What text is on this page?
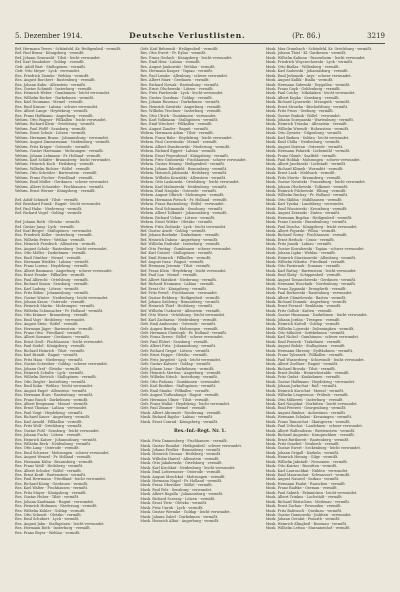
5. Dezember 1914.	Deutsche Verlustlisten.	(Pr. 86.)	3219
Ref. Hermann Tewes - Schönfeld, Kr. Heiligenbeil - vermißt.
Ref. Paul Bruns - Königsberg - vermißt.
Ref. Johann Grunwald - Tilsit - leicht verwundet.
Ref. Karl Sinnhuber - Goldap - vermißt.
Gefr. Adolf Bart - Stallupönen - vermißt.
Gefr. Otto Meyer - Lyck - verwundet.
Res. Friedrich Ziemke - Wehlau - vermißt.
Res. August Borchert - Rastenburg - vermißt.
Res. Johann Kuhn - Allenstein - vermißt.
Res. Gustav Schmidt - Insterburg - vermißt.
Res. Heinrich Weber - Gumbinnen - leicht verwundet.
Res. Wilhelm Becker - Darkehmen - vermißt.
Res. Karl Neumann - Memel - vermißt.
Res. Emil Krause - Labiau - schwer verwundet.
Res. Albert Lange - Heydekrug - vermißt.
Res. Franz Hoffmann - Angerburg - vermißt.
Wehrm. Otto Wagner - Pillkallen - leicht verwundet.
Wehrm. Richard Klein - Ortelsburg - vermißt.
Wehrm. Paul Wolff - Sensburg - vermißt.
Wehrm. Ernst Schulz - Lötzen - vermißt.
Wehrm. Hermann Braun - Johannisburg - verwundet.
Wehrm. August Zimmermann - Neidenburg - vermißt.
Wehrm. Fritz Krüger - Osterode - vermißt.
Wehrm. Gustav Hartmann - Mohrungen - vermißt.
Wehrm. Johann Lehmann - Pr. Holland - vermißt.
Wehrm. Karl Schäfer - Braunsberg - leicht verwundet.
Wehrm. Heinrich Koch - Heilsberg - vermißt.
Wehrm. Wilhelm Richter - Rößel - vermißt.
Wehrm. Otto Schröder - Bartenstein - vermißt.
Wehrm. Franz Fischer - Friedland - vermißt.
Wehrm. Emil Müller - Gerdauen - schwer verwundet.
Wehrm. Albert Schneider - Fischhausen - vermißt.
Wehrm. Ernst Werner - Königsberg - vermißt.
Ref. Adolf Schmidt - Tilsit - vermißt.
Ref. Bernhard Frank - Ragnit - leicht verwundet.
Ref. Paul Hahn - Niederung - vermißt.
Ref. Richard Vogel - Goldap - vermißt.
Ref. Johann Roth - Oletzko - vermißt.
Ref. Gustav Jung - Lyck - vermißt.
Ref. Karl Berger - Stallupönen - verwundet.
Res. Friedrich Keller - Insterburg - vermißt.
Res. Wilhelm Peters - Wehlau - vermißt.
Res. Heinrich Friedrich - Allenstein - vermißt.
Res. August Scholz - Rastenburg - leicht verwundet.
Res. Otto Möller - Darkehmen - vermißt.
Res. Emil Günther - Memel - vermißt.
Res. Hermann Winkler - Labiau - vermißt.
Res. Franz Lorenz - Heydekrug - vermißt.
Res. Albert Baumann - Angerburg - schwer verwundet.
Res. Ernst Franke - Pillkallen - vermißt.
Res. Paul Albrecht - Ortelsburg - vermißt.
Res. Richard Simon - Sensburg - vermißt.
Res. Karl Ludwig - Lötzen - vermißt.
Res. Fritz Böhm - Johannisburg - vermißt.
Res. Gustav Winter - Neidenburg - leicht verwundet.
Res. Johann Kraus - Osterode - vermißt.
Res. Heinrich Martin - Mohrungen - vermißt.
Res. Wilhelm Schumacher - Pr. Holland - vermißt.
Res. Otto Krämer - Braunsberg - vermißt.
Res. Emil Vogt - Heilsberg - verwundet.
Res. August Stein - Rößel - vermißt.
Res. Hermann Jäger - Bartenstein - vermißt.
Res. Franz Otto - Friedland - vermißt.
Res. Albert Sommer - Gerdauen - vermißt.
Res. Ernst Groß - Fischhausen - leicht verwundet.
Res. Paul Seidel - Königsberg - vermißt.
Res. Richard Heinrich - Tilsit - vermißt.
Res. Karl Brandt - Ragnit - vermißt.
Res. Fritz Haas - Niederung - vermißt.
Res. Gustav Schreiber - Goldap - schwer verwundet.
Res. Johann Graf - Oletzko - vermißt.
Res. Heinrich Schulte - Lyck - vermißt.
Res. Wilhelm Dietrich - Stallupönen - vermißt.
Res. Otto Ziegler - Insterburg - vermißt.
Res. Emil Kuhn - Wehlau - leicht verwundet.
Res. August Engel - Allenstein - vermißt.
Res. Hermann Horn - Rastenburg - vermißt.
Res. Franz Busch - Darkehmen - vermißt.
Res. Albert Bergmann - Memel - vermißt.
Res. Ernst Thomas - Labiau - verwundet.
Res. Paul Voigt - Heydekrug - vermißt.
Res. Richard Sauer - Angerburg - vermißt.
Res. Karl Arnold - Pillkallen - vermißt.
Res. Fritz Wolf - Ortelsburg - vermißt.
Res. Gustav Pohl - Sensburg - leicht verwundet.
Res. Johann Fuchs - Lötzen - vermißt.
Res. Heinrich Kaiser - Johannisburg - vermißt.
Res. Wilhelm Beck - Neidenburg - vermißt.
Res. Otto Lang - Osterode - vermißt.
Res. Emil Schwarz - Mohrungen - schwer verwundet.
Res. August Wenzel - Pr. Holland - vermißt.
Res. Hermann Kühn - Braunsberg - vermißt.
Res. Franz Weiß - Heilsberg - vermißt.
Res. Albert Schulze - Rößel - vermißt.
Res. Ernst Kraft - Bartenstein - vermißt.
Res. Paul Herrmann - Friedland - leicht verwundet.
Res. Richard König - Gerdauen - vermißt.
Res. Karl Walter - Fischhausen - vermißt.
Res. Fritz Mayer - Königsberg - vermißt.
Res. Gustav Huber - Tilsit - vermißt.
Res. Johann Kaufmann - Ragnit - verwundet.
Res. Heinrich Hofmann - Niederung - vermißt.
Res. Wilhelm Köhler - Goldap - vermißt.
Res. Otto Schmitt - Oletzko - vermißt.
Res. Emil Schubert - Lyck - vermißt.
Res. August Jahn - Stallupönen - leicht verwundet.
Res. Hermann Roth - Insterburg - vermißt.
Res. Franz Beyer - Wehlau - vermißt.
Gefr. Karl Behrendt - Heiligenbeil - vermißt.
Res. Otto Ewert - Pr. Eylau - vermißt.
Res. Franz Gerlach - Königsberg - leicht verwundet.
Res. Emil Hinz - Labiau - vermißt.
Res. August Jankowski - Wehlau - vermißt.
Res. Hermann Kasper - Tapiau - vermißt.
Res. Paul Lemke - Allenburg - schwer verwundet.
Res. Albert Marx - Gerdauen - vermißt.
Res. Richard Nowak - Rastenburg - vermißt.
Res. Ernst Olschewski - Lötzen - vermißt.
Res. Fritz Pawlowski - Lyck - leicht verwundet.
Res. Gustav Quednau - Goldap - vermißt.
Res. Johann Rosenau - Darkehmen - vermißt.
Res. Heinrich Sawitzki - Angerburg - vermißt.
Res. Wilhelm Teschner - Insterburg - vermißt.
Res. Otto Ulrich - Gumbinnen - verwundet.
Res. Karl Volkmann - Stallupönen - vermißt.
Res. Emil Wiechert - Pillkallen - vermißt.
Res. August Zander - Ragnit - vermißt.
Wehrm. Hermann Adam - Tilsit - vermißt.
Wehrm. Franz Bahr - Heydekrug - leicht verwundet.
Wehrm. Paul Czerwinski - Memel - vermißt.
Wehrm. Albert Dombrowski - Niederung - vermißt.
Wehrm. Richard Eggert - Labiau - vermißt.
Wehrm. Ernst Feyerabend - Königsberg - vermißt.
Wehrm. Fritz Grabowski - Fischhausen - schwer verwundet.
Wehrm. Gustav Hennig - Heiligenbeil - vermißt.
Wehrm. Johann Ihlenfeld - Braunsberg - vermißt.
Wehrm. Heinrich Jablonski - Heilsberg - vermißt.
Wehrm. Wilhelm Kowalski - Allenstein - vermißt.
Wehrm. Otto Laskowski - Ortelsburg - leicht verwundet.
Wehrm. Karl Malinowski - Neidenburg - vermißt.
Wehrm. Emil Naujoks - Osterode - vermißt.
Wehrm. August Olbrich - Mohrungen - vermißt.
Wehrm. Hermann Pietsch - Pr. Holland - vermißt.
Wehrm. Franz Rautenberg - Rößel - verwundet.
Wehrm. Paul Schimanski - Sensburg - vermißt.
Wehrm. Albert Tolkmitt - Johannisburg - vermißt.
Wehrm. Richard Urban - Lötzen - vermißt.
Wehrm. Ernst Wittke - Oletzko - vermißt.
Wehrm. Fritz Zielinski - Lyck - leicht verwundet.
Ref. Gustav Arndt - Goldap - vermißt.
Ref. Johann Boehnke - Darkehmen - vermißt.
Ref. Heinrich Dahms - Angerburg - vermißt.
Ref. Wilhelm Endrulat - Insterburg - vermißt.
Ref. Otto Freitag - Gumbinnen - schwer verwundet.
Ref. Karl Gutzeit - Stallupönen - vermißt.
Ref. Emil Heinrich - Pillkallen - vermißt.
Ref. August Iwan - Ragnit - vermißt.
Ref. Hermann Jeromin - Tilsit - vermißt.
Ref. Franz Klein - Heydekrug - leicht verwundet.
Ref. Paul Lux - Memel - vermißt.
Ref. Albert Matzkeit - Niederung - vermißt.
Ref. Richard Neumann - Labiau - vermißt.
Ref. Ernst Ott - Königsberg - vermißt.
Ref. Fritz Preuß - Fischhausen - verwundet.
Ref. Gustav Rehberg - Heiligenbeil - vermißt.
Ref. Johann Sablotny - Braunsberg - vermißt.
Ref. Heinrich Thiel - Heilsberg - vermißt.
Ref. Wilhelm Uszkoreit - Allenstein - vermißt.
Ref. Otto Wiese - Ortelsburg - leicht verwundet.
Ref. Karl Zacharias - Neidenburg - vermißt.
Gefr. Emil Ambrosius - Osterode - vermißt.
Gefr. August Bendig - Mohrungen - vermißt.
Gefr. Hermann Christoph - Pr. Holland - vermißt.
Gefr. Franz Drews - Rößel - schwer verwundet.
Gefr. Paul Ehlert - Sensburg - vermißt.
Gefr. Albert Fritz - Johannisburg - vermißt.
Gefr. Richard Grigat - Lötzen - vermißt.
Gefr. Ernst Hoppe - Oletzko - vermißt.
Gefr. Fritz Jurgeleit - Lyck - leicht verwundet.
Gefr. Gustav Kalweit - Goldap - vermißt.
Gefr. Johann Lenz - Darkehmen - vermißt.
Gefr. Heinrich Mertins - Angerburg - vermißt.
Gefr. Wilhelm Nitsch - Insterburg - vermißt.
Gefr. Otto Podszus - Gumbinnen - verwundet.
Gefr. Karl Ruddies - Stallupönen - vermißt.
Gefr. Emil Stanko - Pillkallen - vermißt.
Gefr. August Todtenhaupt - Ragnit - vermißt.
Gefr. Hermann Ulmer - Tilsit - vermißt.
Gefr. Franz Wallat - Heydekrug - leicht verwundet.
Gefr. Paul Zimmer - Memel - vermißt.
Musk. Albert Abromeit - Niederung - vermißt.
Musk. Richard Bajohr - Labiau - vermißt.
Musk. Ernst Conrad - Königsberg - vermißt.
Res.-Inf.-Regt. Nr. 1.
Musk. Fritz Dannenberg - Fischhausen - vermißt.
Musk. Gustav Ennulat - Heiligenbeil - schwer verwundet.
Musk. Johann Fiedler - Braunsberg - vermißt.
Musk. Heinrich Gronau - Heilsberg - vermißt.
Musk. Wilhelm Hantel - Allenstein - vermißt.
Musk. Otto Jakubowski - Ortelsburg - vermißt.
Musk. Karl Kischkat - Neidenburg - leicht verwundet.
Musk. Emil Lottermoser - Osterode - vermißt.
Musk. August Meschkat - Mohrungen - vermißt.
Musk. Hermann Nagel - Pr. Holland - vermißt.
Musk. Franz Oberüber - Rößel - vermißt.
Musk. Paul Pelz - Sensburg - verwundet.
Musk. Albert Rogalla - Johannisburg - vermißt.
Musk. Richard Sczesny - Lötzen - vermißt.
Musk. Ernst Tietz - Oletzko - vermißt.
Musk. Fritz Unruh - Lyck - vermißt.
Musk. Gustav Wermke - Goldap - leicht verwundet.
Musk. Johann Zabel - Darkehmen - vermißt.
Musk. Heinrich Albat - Angerburg - vermißt.
Musk. Max Grumbach - Schönfeld, Kr. Ortelsburg - vermißt.
Musk. Johann Thiel - Kl. Gardienen - vermißt.
Musk. Wilhelm Kalinna - Passenheim - leicht verwundet.
Musk. Friedrich Woyczechowski - Lyck - vermißt.
Musk. Otto Biallas - Willenberg - vermißt.
Musk. Karl Sadowski - Johannisburg - vermißt.
Musk. Emil Jedamzik - Arys - schwer verwundet.
Musk. August Kullik - Bialla - vermißt.
Musk. Hermann Salewski - Drygallen - vermißt.
Musk. Franz Gayk - Gehlenburg - vermißt.
Musk. Paul Czichy - Nikolaiken - leicht verwundet.
Musk. Albert Kopka - Sensburg - vermißt.
Musk. Richard Lyssewski - Mensguth - vermißt.
Musk. Ernst Mrowka - Bischofsburg - vermißt.
Musk. Fritz Pruss - Seeburg - vermißt.
Musk. Gustav Rudnik - Rößel - verwundet.
Musk. Johann Sczepanski - Wartenburg - vermißt.
Musk. Heinrich Trzaska - Allenstein - vermißt.
Musk. Wilhelm Wnendt - Hohenstein - vermißt.
Musk. Otto Zywietz - Gilgenburg - vermißt.
Musk. Karl Badura - Soldau - leicht verwundet.
Musk. Emil Chilla - Neidenburg - vermißt.
Musk. August Dzieran - Osterode - vermißt.
Musk. Hermann Falarzik - Liebemühl - vermißt.
Musk. Franz Glomb - Saalfeld - vermißt.
Musk. Paul Holdak - Mohrungen - schwer verwundet.
Musk. Albert Jaschinski - Liebstadt - vermißt.
Musk. Richard Klimek - Wormditt - vermißt.
Musk. Ernst Lask - Mehlsack - vermißt.
Musk. Fritz Moritz - Braunsberg - vermißt.
Musk. Gustav Nowitzki - Frauenburg - leicht verwundet.
Musk. Johann Olschewski - Tolkemit - vermißt.
Musk. Heinrich Pilchowski - Elbing - vermißt.
Musk. Wilhelm Ruchay - Pr. Holland - vermißt.
Musk. Otto Skibba - Mühlhausen - vermißt.
Musk. Karl Tyszka - Landsberg - verwundet.
Musk. Emil Wisniewski - Kreuzburg - vermißt.
Musk. August Zeranski - Zinten - vermißt.
Musk. Hermann Bogdan - Heiligenbeil - vermißt.
Musk. Franz Cziesla - Brandenburg - vermißt.
Musk. Paul Duscha - Königsberg - leicht verwundet.
Musk. Albert Figurski - Pillau - vermißt.
Musk. Richard Gorny - Fischhausen - vermißt.
Musk. Ernst Herholz - Cranz - vermißt.
Musk. Fritz Janzik - Labiau - vermißt.
Musk. Gustav Kowalewski - Tapiau - schwer verwundet.
Musk. Johann Lipka - Wehlau - vermißt.
Musk. Heinrich Marzinowski - Allenburg - vermißt.
Musk. Wilhelm Nikutta - Friedland - vermißt.
Musk. Otto Pasternak - Domnau - vermißt.
Musk. Karl Rattay - Bartenstein - leicht verwundet.
Musk. Emil Slaby - Schippenbeil - vermißt.
Musk. August Tomaschewski - Gerdauen - vermißt.
Musk. Hermann Woschnik - Nordenburg - vermißt.
Musk. Franz Zyganski - Drengfurth - vermißt.
Musk. Paul Borkowski - Rastenburg - verwundet.
Musk. Albert Chmielewski - Barten - vermißt.
Musk. Richard Domnik - Angerburg - vermißt.
Musk. Ernst Frenzel - Benkheim - vermißt.
Musk. Fritz Gollub - Kutten - vermißt.
Musk. Gustav Hinzmann - Darkehmen - leicht verwundet.
Musk. Johann Jordan - Trempen - vermißt.
Musk. Heinrich Kattoll - Goldap - vermißt.
Musk. Wilhelm Lojewski - Dubeningken - vermißt.
Musk. Otto Mikoleit - Szittkehmen - vermißt.
Musk. Karl Nickel - Gumbinnen - schwer verwundet.
Musk. Emil Pentzek - Trakehnen - vermißt.
Musk. August Rohde - Stallupönen - vermißt.
Musk. Hermann Sbresny - Eydtkuhnen - vermißt.
Musk. Franz Tybussek - Pillkallen - vermißt.
Musk. Paul Wasserberg - Schirwindt - leicht verwundet.
Musk. Albert Zoellner - Ragnit - vermißt.
Musk. Richard Brosda - Tilsit - vermißt.
Musk. Ernst Dudda - Heinrichswalde - vermißt.
Musk. Fritz Gudat - Kaukehmen - vermißt.
Musk. Gustav Hoffmann - Heydekrug - verwundet.
Musk. Johann Jurkschat - Ruß - vermißt.
Musk. Heinrich Kurschat - Memel - vermißt.
Musk. Wilhelm Lengwenus - Prökuls - vermißt.
Musk. Otto Milkereit - Insterburg - vermißt.
Musk. Karl Naujokat - Norkitten - leicht verwundet.
Musk. Emil Petereit - Georgenburg - vermißt.
Musk. August Rimkus - Aulowönen - vermißt.
Musk. Hermann Schukat - Kreuzingen - vermißt.
Musk. Franz Tamoschat - Skaisgirren - vermißt.
Musk. Paul Urbschat - Lasdehnen - schwer verwundet.
Musk. Albert Wallendszus - Breitenstein - vermißt.
Musk. Richard Augustin - Kraupischken - vermißt.
Musk. Ernst Buttkereit - Rautenberg - vermißt.
Musk. Fritz Dzaebel - Neukirch - vermißt.
Musk. Gustav Ewert - Seckenburg - leicht verwundet.
Musk. Johann Grigull - Karkeln - vermißt.
Musk. Heinrich Hennig - Gilge - vermißt.
Musk. Wilhelm Jakstadt - Nemonien - vermißt.
Musk. Otto Kairies - Rossitten - vermißt.
Musk. Karl Lauruschkat - Nidden - verwundet.
Musk. Emil Mauruschat - Schwarzort - vermißt.
Musk. August Naused - Sarkau - vermißt.
Musk. Hermann Paulat - Rauschen - vermißt.
Musk. Franz Radtke - Germau - vermißt.
Musk. Paul Sakuth - Palmnicken - leicht verwundet.
Musk. Albert Trinkus - Lochstädt - vermißt.
Musk. Richard Weitschies - Medenau - vermißt.
Musk. Ernst Zachau - Powunden - vermißt.
Musk. Fritz Baltrusch - Quednau - vermißt.
Musk. Gustav Dannowski - Juditten - verwundet.
Musk. Johann Gerulat - Ponarth - vermißt.
Musk. Heinrich Klingbeil - Rosenau - vermißt.
Musk. Wilhelm Lettau - Maraunenhof - vermißt.
